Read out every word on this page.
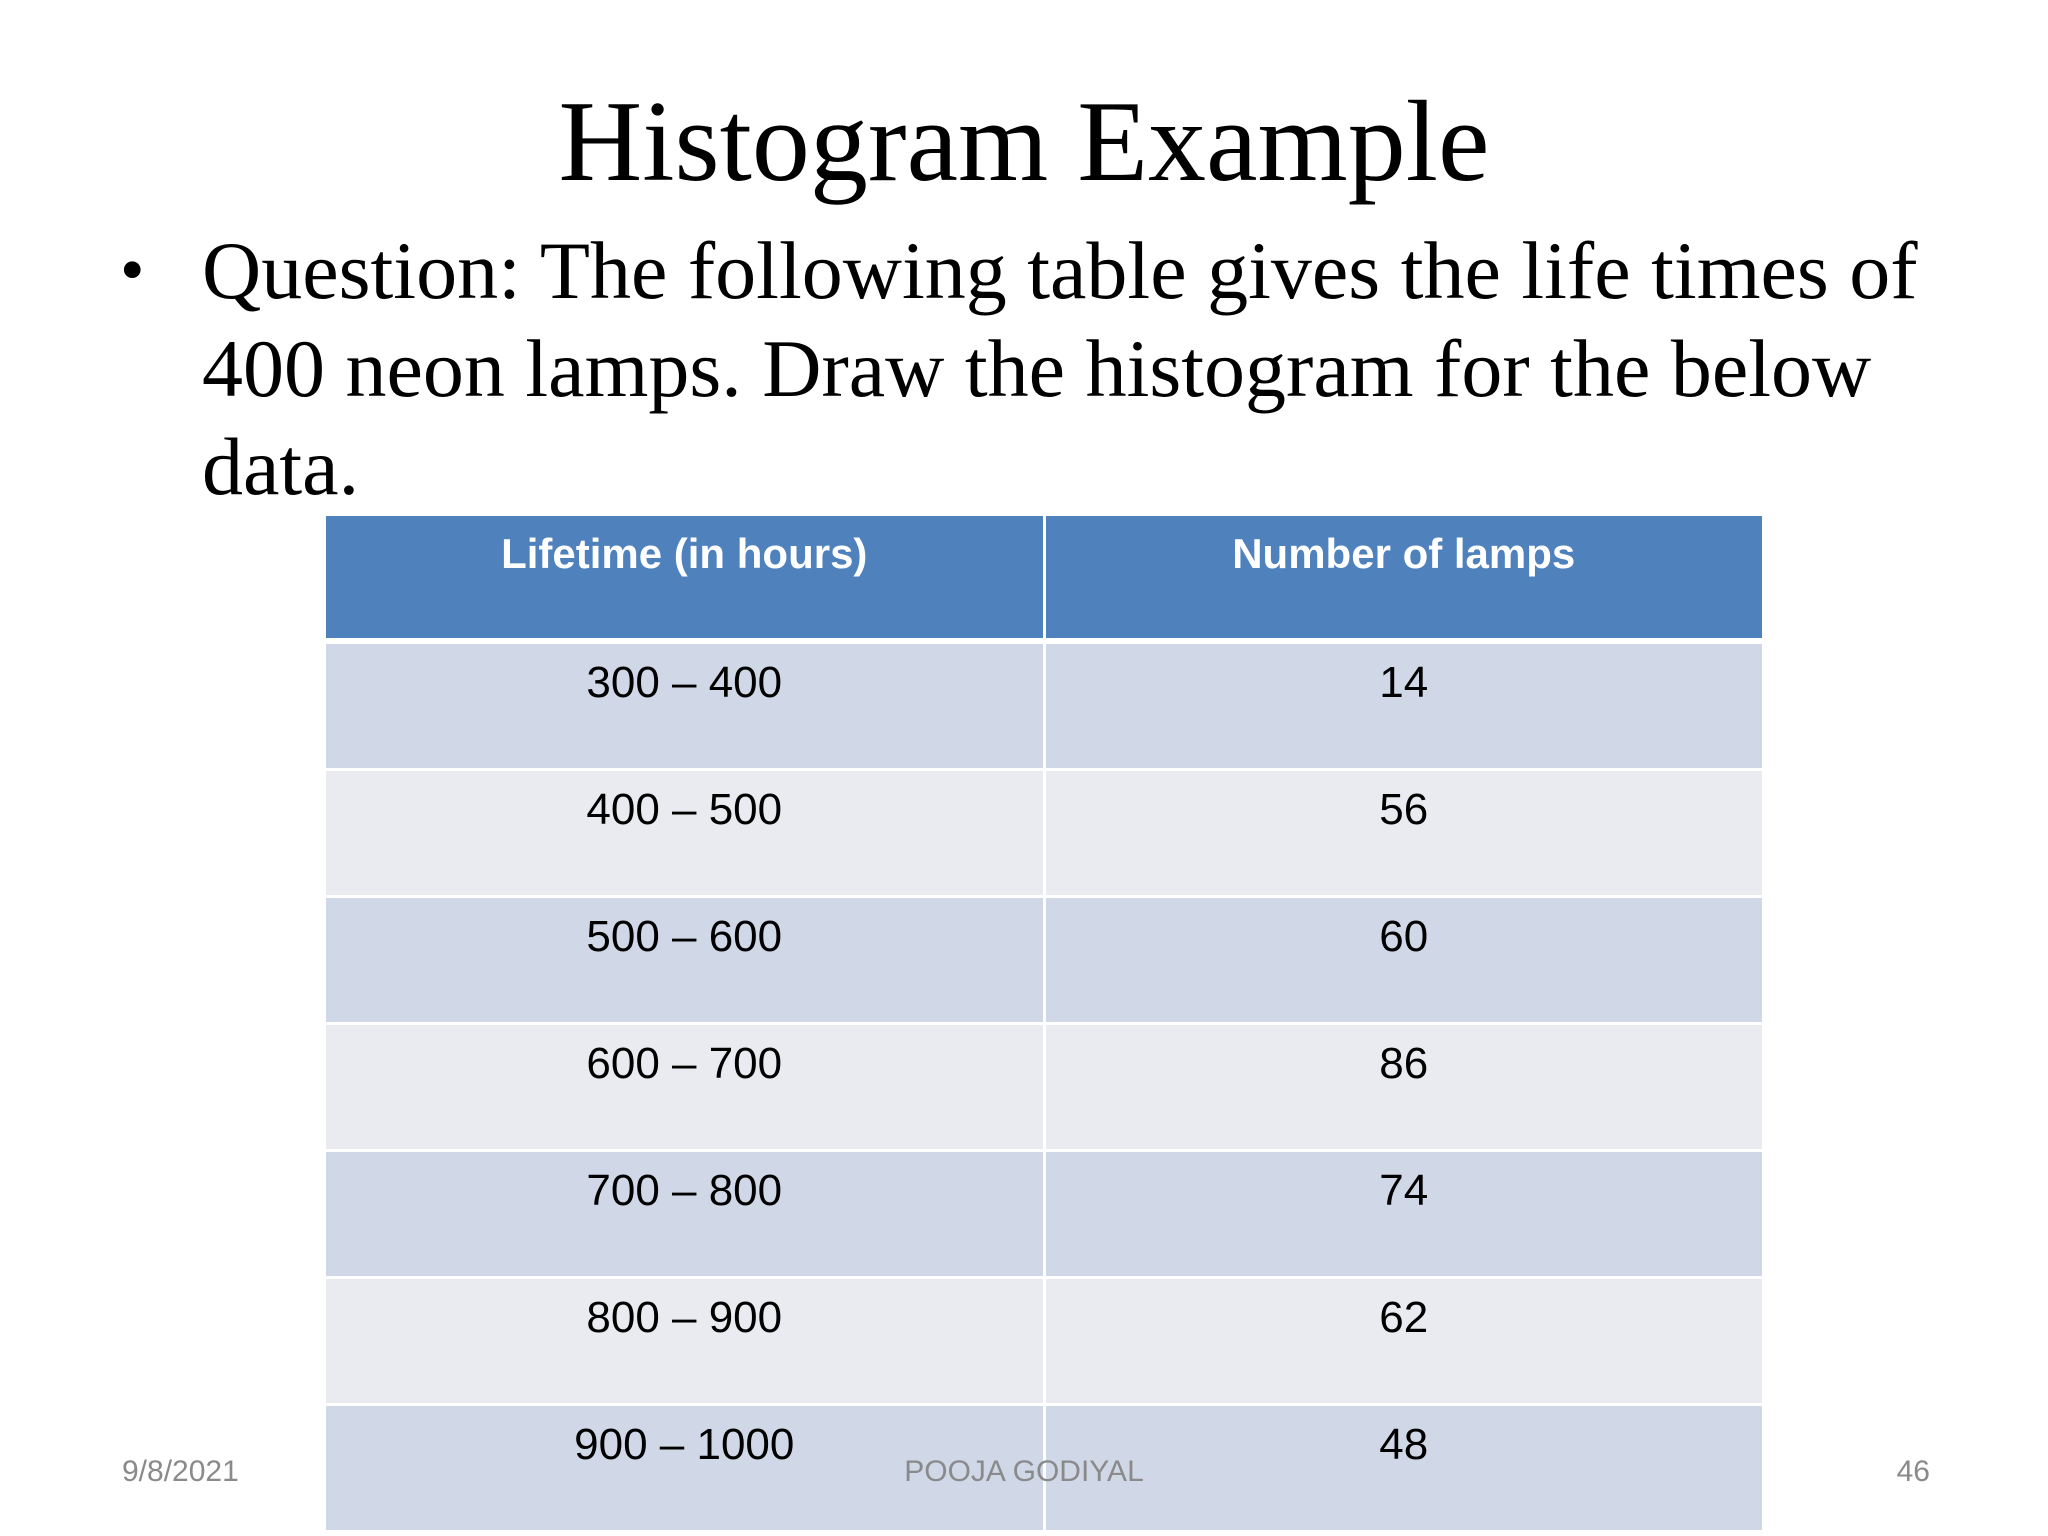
Histogram Example
• Question: The following table gives the life times of 400 neon lamps. Draw the histogram for the below data.
Lifetime (in hours)	Number of lamps
300 – 400	14
400 – 500	56
500 – 600	60
600 – 700	86
700 – 800	74
800 – 900	62
900 – 1000	48
9/8/2021	POOJA GODIYAL	46
